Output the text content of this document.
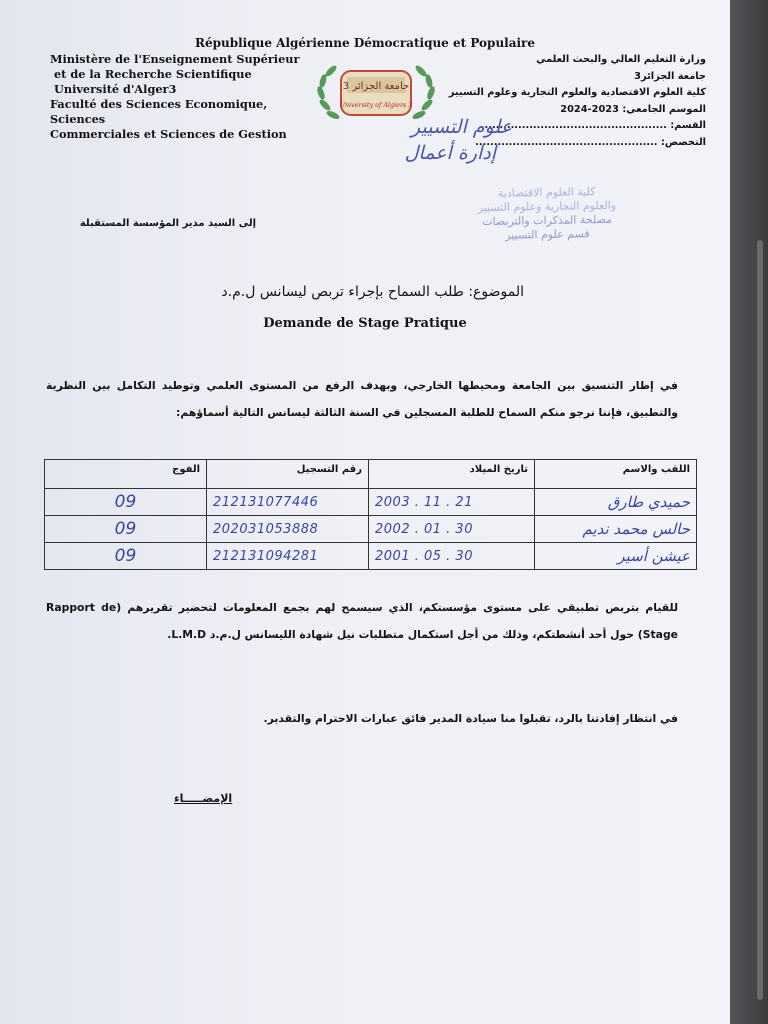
République Algérienne Démocratique et Populaire
Ministère de l'Enseignement Supérieur
et de la Recherche Scientifique
Université d'Alger3
Faculté des Sciences Economique, Sciences
Commerciales et Sciences de Gestion
جامعة الجزائر 3
University of Algiers 3
وزارة التعليم العالي والبحث العلمي
جامعة الجزائر3
كلية العلوم الاقتصادية والعلوم التجارية وعلوم التسيير
الموسم الجامعي: 2023-2024
القسم: .................................................
التخصص: .................................................
علوم التسيير
إدارة أعمال
كلية العلوم الاقتصادية
والعلوم التجارية وعلوم التسيير
مصلحة المذكرات والتربصات
قسم علوم التسيير
إلى السيد مدير المؤسسة المستقبلة
الموضوع: طلب السماح بإجراء تربص ليسانس ل.م.د
Demande de Stage Pratique
في إطار التنسيق بين الجامعة ومحيطها الخارجي، وبهدف الرفع من المستوى العلمي وتوطيد التكامل بين النظرية والتطبيق، فإننا نرجو منكم السماح للطلبة المسجلين في السنة الثالثة ليسانس التالية أسماؤهم:
الفوج	رقم التسجيل	تاريخ الميلاد	اللقب والاسم
09	212131077446	2003 . 11 . 21	حميدي طارق
09	202031053888	2002 . 01 . 30	حالس محمد نديم
09	212131094281	2001 . 05 . 30	عيشن أسير
للقيام بتربص تطبيقي على مستوى مؤسستكم، الذي سيسمح لهم بجمع المعلومات لتحضير تقريرهم (Rapport de Stage) حول أحد أنشطتكم، وذلك من أجل استكمال متطلبات نيل شهادة الليسانس ل.م.د L.M.D.
في انتظار إفادتنا بالرد، تقبلوا منا سيادة المدير فائق عبارات الاحترام والتقدير.
الإمضـــــاء
